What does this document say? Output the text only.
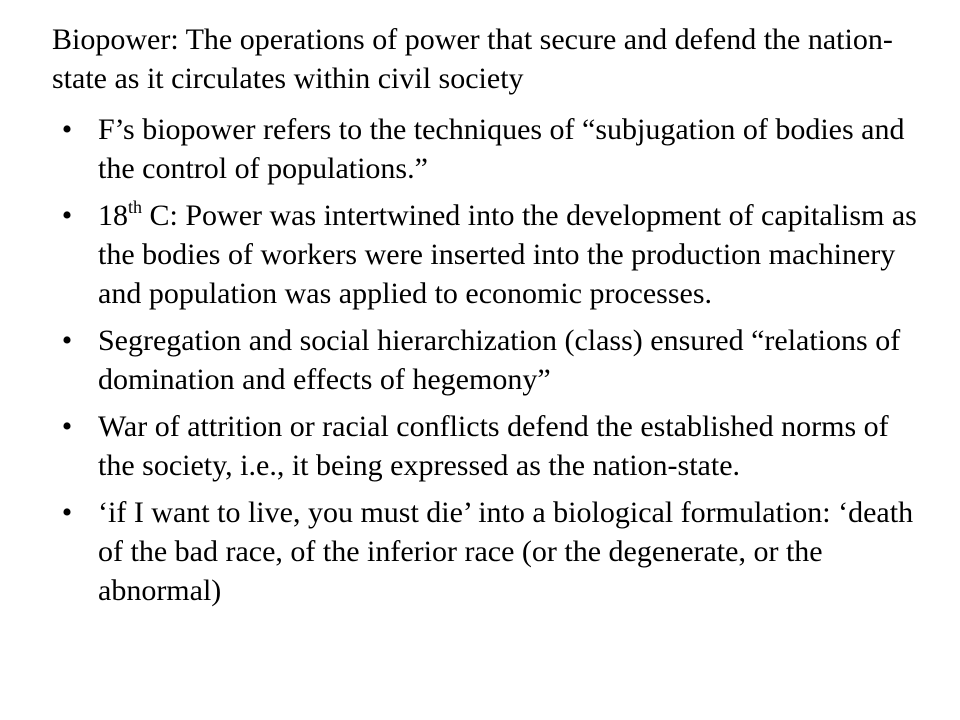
Biopower: The operations of power that secure and defend the nation-state as it circulates within civil society

• F’s biopower refers to the techniques of “subjugation of bodies and the control of populations.”
• 18th C: Power was intertwined into the development of capitalism as the bodies of workers were inserted into the production machinery and population was applied to economic processes.
• Segregation and social hierarchization (class) ensured “relations of domination and effects of hegemony”
• War of attrition or racial conflicts defend the established norms of the society, i.e., it being expressed as the nation-state.
• ‘if I want to live, you must die’ into a biological formulation: ‘death of the bad race, of the inferior race (or the degenerate, or the abnormal)
